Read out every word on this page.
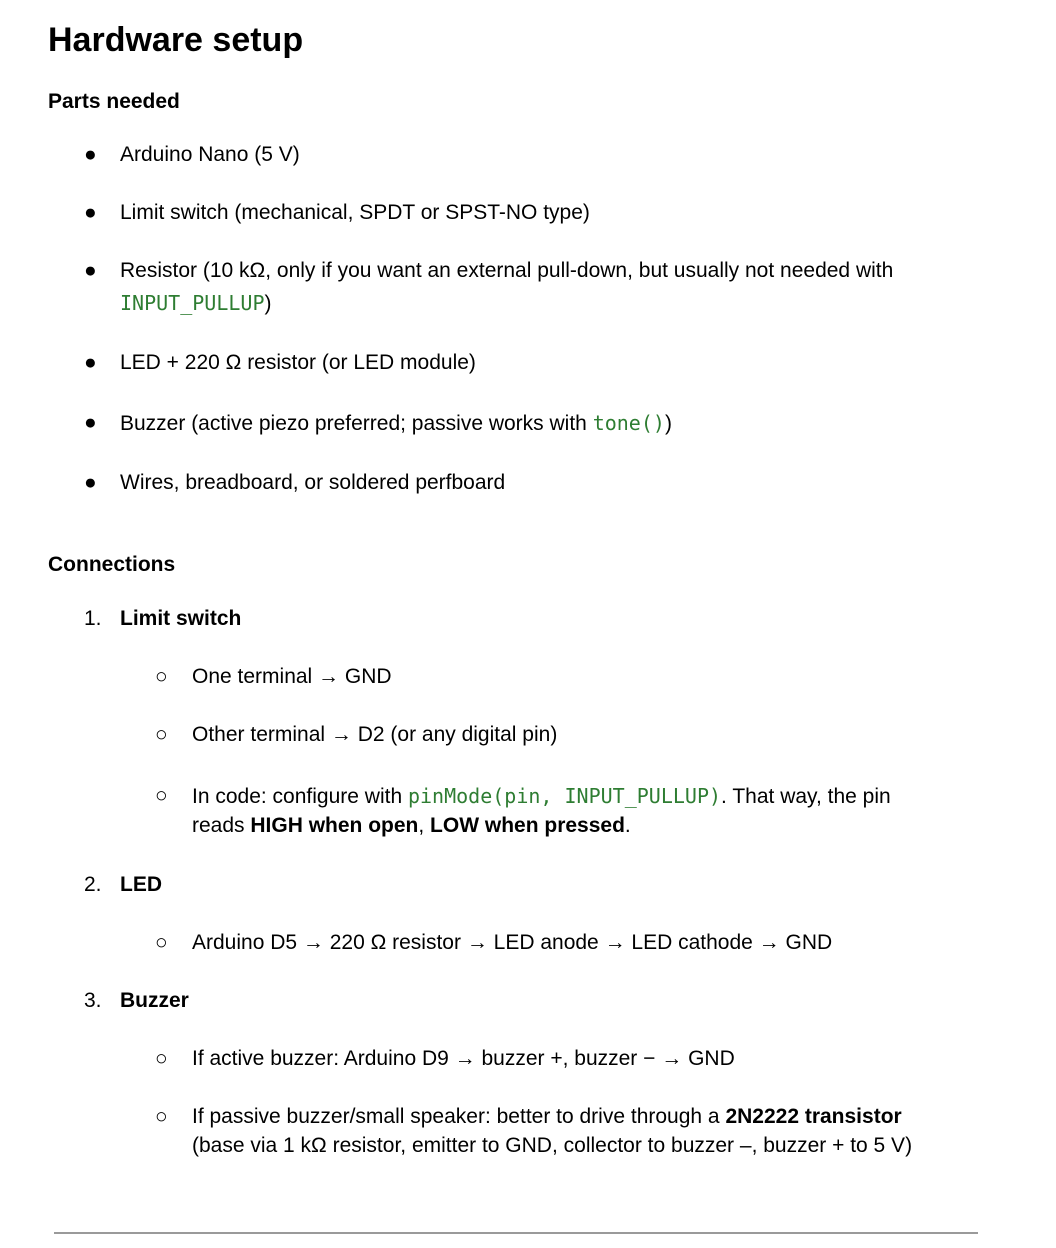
Hardware setup
Parts needed
● Arduino Nano (5 V)
● Limit switch (mechanical, SPDT or SPST-NO type)
● Resistor (10 kΩ, only if you want an external pull-down, but usually not needed with
INPUT_PULLUP)
● LED + 220 Ω resistor (or LED module)
● Buzzer (active piezo preferred; passive works with tone())
● Wires, breadboard, or soldered perfboard
Connections
1. Limit switch
○ One terminal → GND
○ Other terminal → D2 (or any digital pin)
○ In code: configure with pinMode(pin, INPUT_PULLUP). That way, the pin
reads HIGH when open, LOW when pressed.
2. LED
○ Arduino D5 → 220 Ω resistor → LED anode → LED cathode → GND
3. Buzzer
○ If active buzzer: Arduino D9 → buzzer +, buzzer − → GND
○ If passive buzzer/small speaker: better to drive through a 2N2222 transistor
(base via 1 kΩ resistor, emitter to GND, collector to buzzer –, buzzer + to 5 V)
